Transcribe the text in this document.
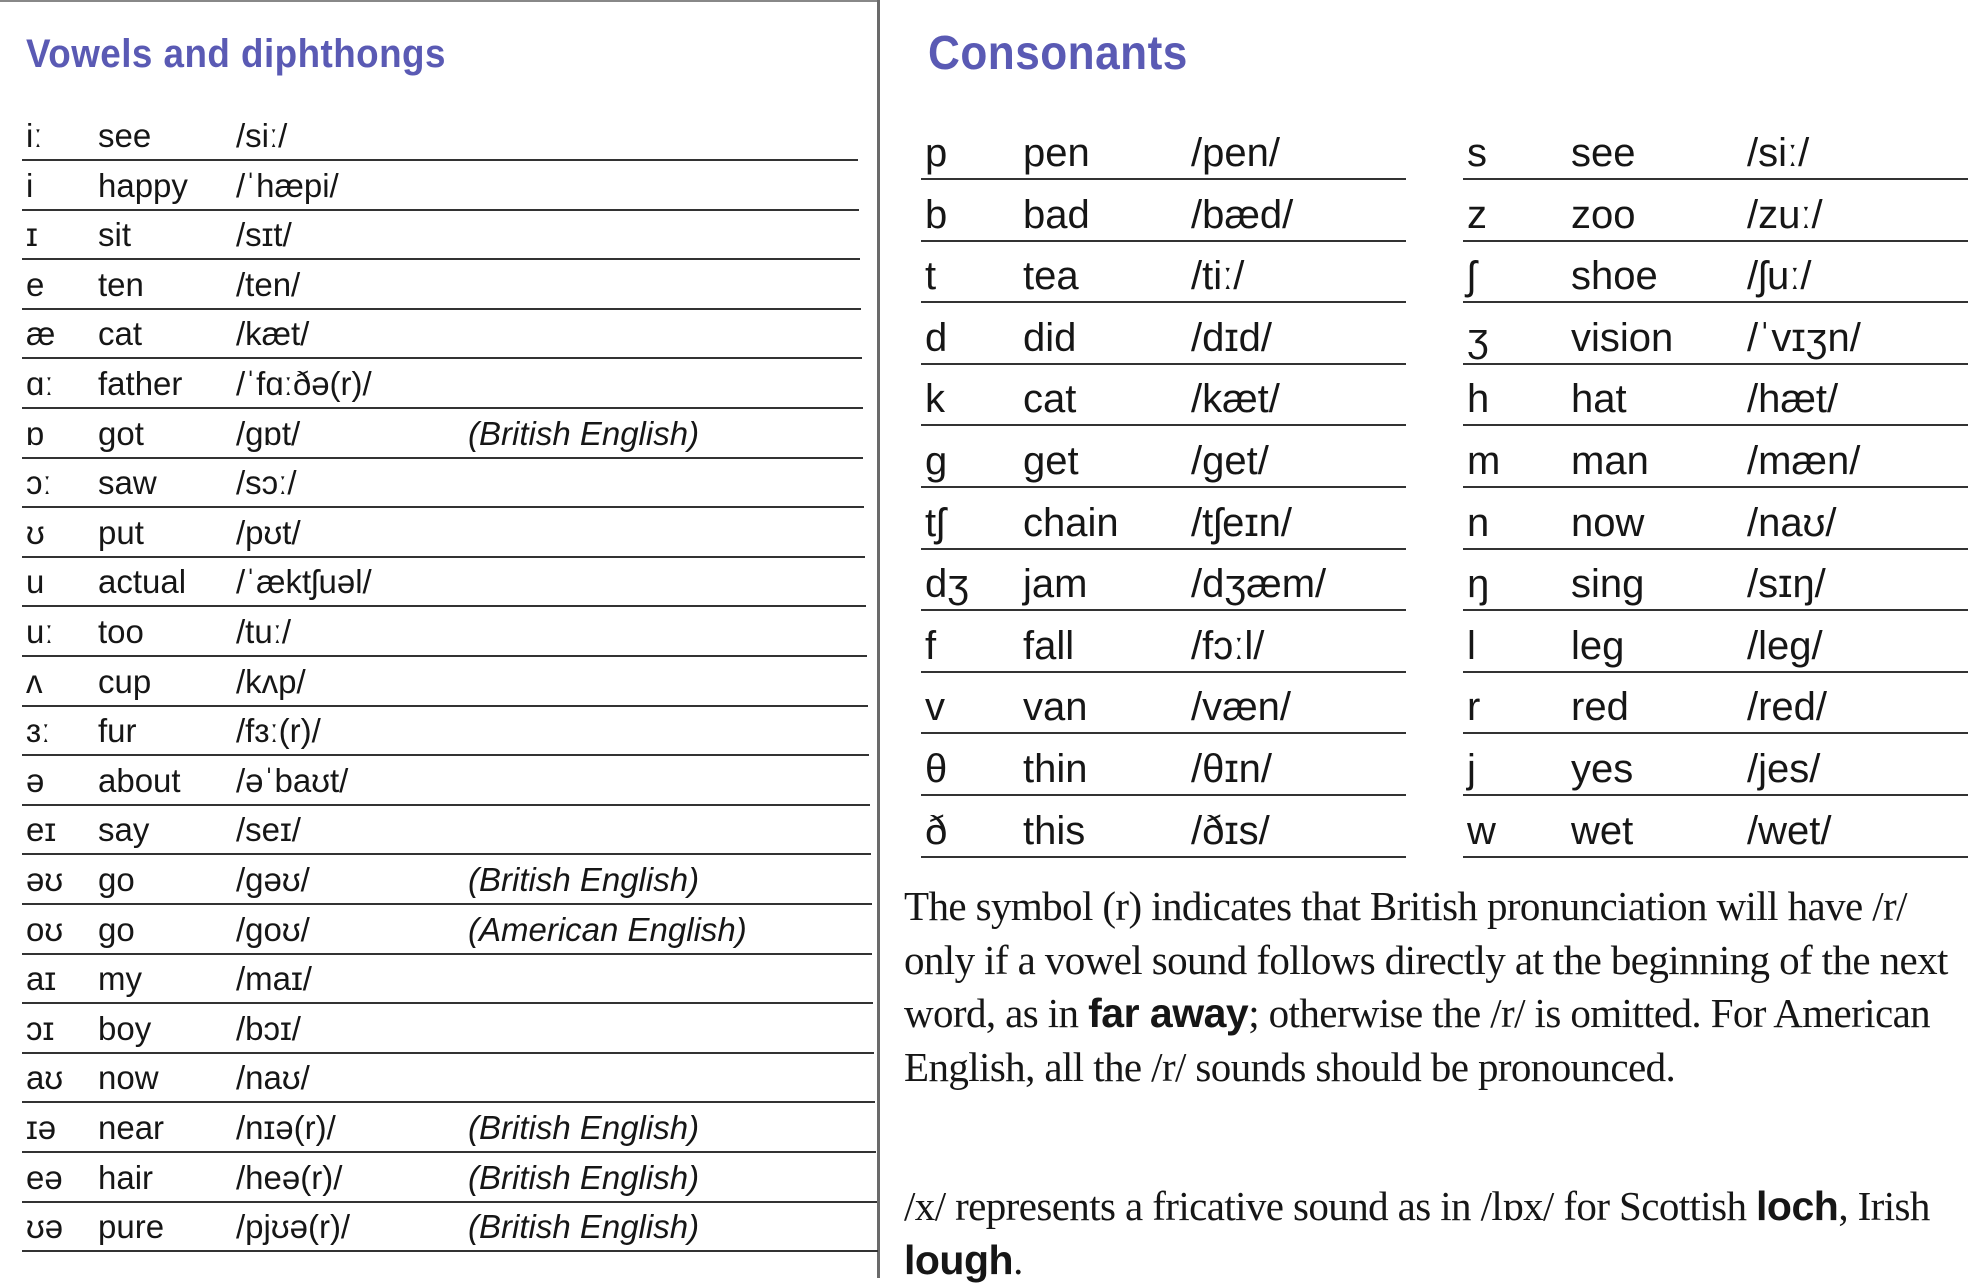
Vowels and diphthongs
iː see	/siː/
i happy /ˈhæpi/
ɪ sit	/sɪt/
e ten	/ten/
æ cat	/kæt/
ɑː father /ˈfɑːðə(r)/
ɒ got	/gɒt/	(British English)
ɔː saw /sɔː/
ʊ put	/pʊt/
u actual /ˈæktʃuəl/
uː too	/tuː/
ʌ cup	/kʌp/
ɜː fur	/fɜː(r)/
ə about /əˈbaʊt/
eɪ say	/seɪ/
əʊ go	/gəʊ/	(British English)
oʊ go	/goʊ/	(American English)
aɪ my	/maɪ/
ɔɪ boy	/bɔɪ/
aʊ now /naʊ/
ɪə near /nɪə(r)/	(British English)
eə hair	/heə(r)/	(British English)
ʊə pure /pjʊə(r)/	(British English)
Consonants
p pen	/pen/
b bad	/bæd/
t tea	/tiː/
d did	/dɪd/
k cat	/kæt/
g get	/get/
tʃ chain /tʃeɪn/
dʒ jam	/dʒæm/
f fall	/fɔːl/
v van	/væn/
θ thin	/θɪn/
ð this	/ðɪs/
s see	/siː/
z zoo	/zuː/
ʃ shoe /ʃuː/
ʒ vision /ˈvɪʒn/
h hat	/hæt/
m man /mæn/
n now	/naʊ/
ŋ sing	/sɪŋ/
l leg	/leg/
r red	/red/
j yes	/jes/
w wet	/wet/
The symbol (r) indicates that British pronunciation will have /r/ only if a vowel sound follows directly at the beginning of the next word, as in far away; otherwise the /r/ is omitted. For American English, all the /r/ sounds should be pronounced.
/x/ represents a fricative sound as in /lɒx/ for Scottish loch, Irish lough.
